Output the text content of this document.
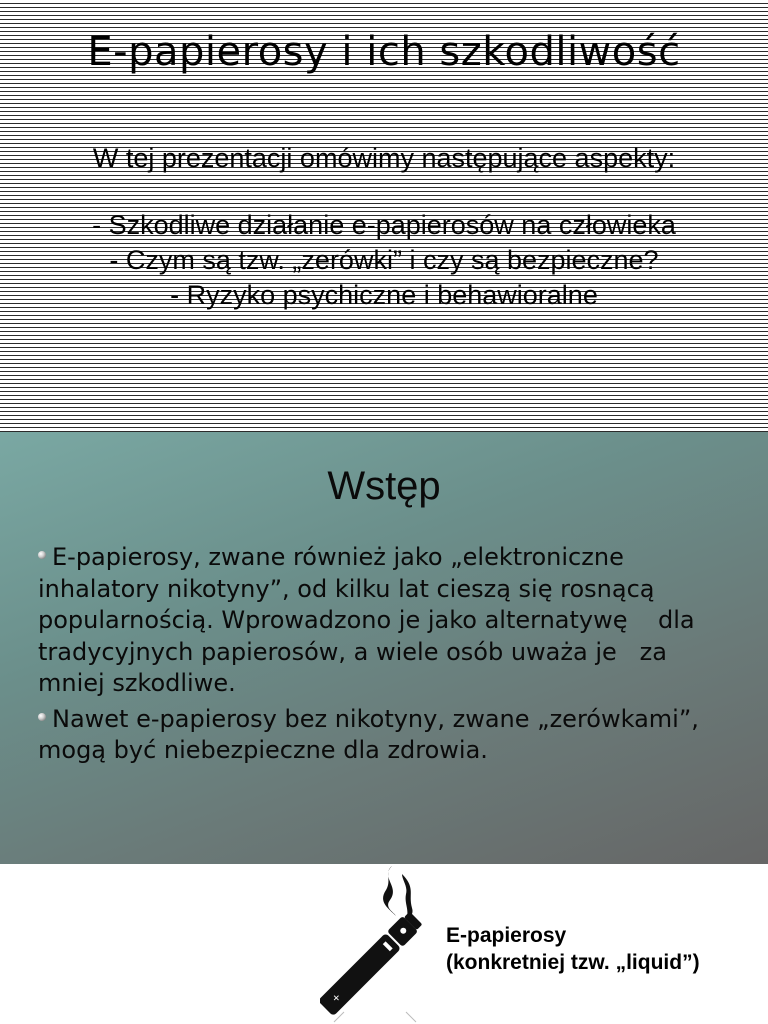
E-papierosy i ich szkodliwość
W tej prezentacji omówimy następujące aspekty:
- Szkodliwe działanie e-papierosów na człowieka
- Czym są tzw. „zerówki” i czy są bezpieczne?
- Ryzyko psychiczne i behawioralne
Wstęp
E-papierosy, zwane również jako „elektroniczne
inhalatory nikotyny”, od kilku lat cieszą się rosnącą
popularnością. Wprowadzono je jako alternatywę    dla
tradycyjnych papierosów, a wiele osób uważa je   za
mniej szkodliwe.
Nawet e-papierosy bez nikotyny, zwane „zerówkami”,
mogą być niebezpieczne dla zdrowia.
+
E-papierosy
(konkretniej tzw. „liquid”)
